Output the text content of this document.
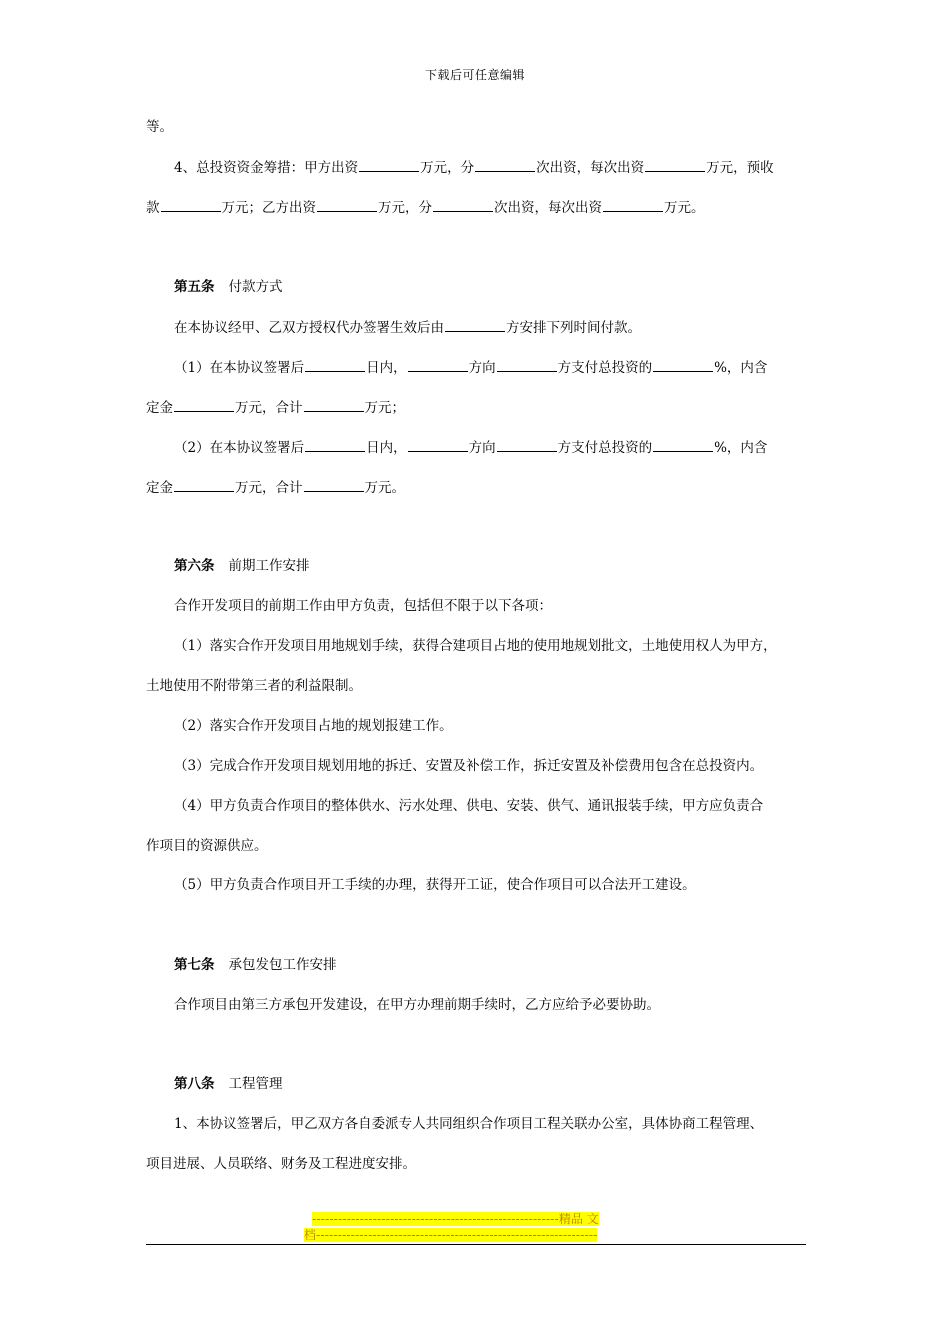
下载后可任意编辑
等。
4、总投资资金筹措：甲方出资	万元，分	次出资，每次出资	万元，预收
款	万元；乙方出资	万元，分	次出资，每次出资	万元。
第五条 付款方式
在本协议经甲、乙双方授权代办签署生效后由	方安排下列时间付款。
（1）在本协议签署后	日内，	方向	方支付总投资的	%，内含
定金	万元，合计	万元；
（2）在本协议签署后	日内，	方向	方支付总投资的	%，内含
定金	万元，合计	万元。
第六条 前期工作安排
合作开发项目的前期工作由甲方负责，包括但不限于以下各项：
（1）落实合作开发项目用地规划手续，获得合建项目占地的使用地规划批文，土地使用权人为甲方，
土地使用不附带第三者的利益限制。
（2）落实合作开发项目占地的规划报建工作。
（3）完成合作开发项目规划用地的拆迁、安置及补偿工作，拆迁安置及补偿费用包含在总投资内。
（4）甲方负责合作项目的整体供水、污水处理、供电、安装、供气、通讯报装手续，甲方应负责合
作项目的资源供应。
（5）甲方负责合作项目开工手续的办理，获得开工证，使合作项目可以合法开工建设。
第七条 承包发包工作安排
合作项目由第三方承包开发建设，在甲方办理前期手续时，乙方应给予必要协助。
第八条 工程管理
1、本协议签署后，甲乙双方各自委派专人共同组织合作项目工程关联办公室，具体协商工程管理、
项目进展、人员联络、财务及工程进度安排。
---------------------------------------------------------精品 文
档-----------------------------------------------------------------
